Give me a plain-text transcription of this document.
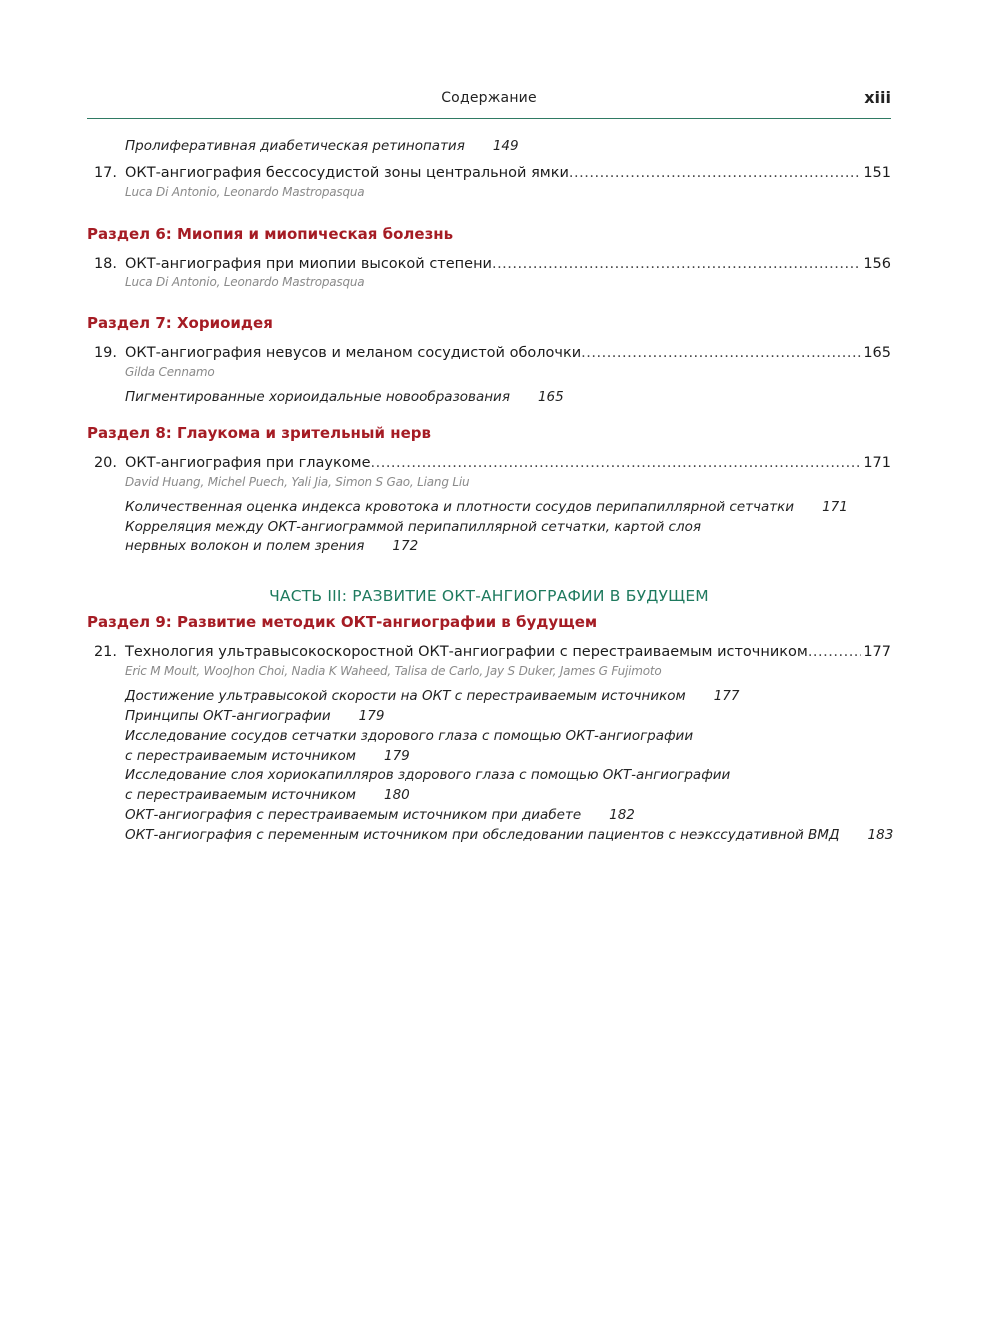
Содержание	xiii
Пролиферативная диабетическая ретинопатия 149
17. ОКТ-ангиография бессосудистой зоны центральной ямки .....	151
Luca Di Antonio, Leonardo Mastropasqua
Раздел 6: Миопия и миопическая болезнь
18. ОКТ-ангиография при миопии высокой степени .....	156
Luca Di Antonio, Leonardo Mastropasqua
Раздел 7: Хориоидея
19. ОКТ-ангиография невусов и меланом сосудистой оболочки .....	165
Gilda Cennamo
Пигментированные хориоидальные новообразования 165
Раздел 8: Глаукома и зрительный нерв
20. ОКТ-ангиография при глаукоме .....	171
David Huang, Michel Puech, Yali Jia, Simon S Gao, Liang Liu
Количественная оценка индекса кровотока и плотности сосудов перипапиллярной сетчатки 171
Корреляция между ОКТ-ангиограммой перипапиллярной сетчатки, картой слоя
нервных волокон и полем зрения 172
ЧАСТЬ III: РАЗВИТИЕ ОКТ-АНГИОГРАФИИ В БУДУЩЕМ
Раздел 9: Развитие методик ОКТ-ангиографии в будущем
21. Технология ультравысокоскоростной ОКТ-ангиографии с перестраиваемым источником .....	177
Eric M Moult, WooJhon Choi, Nadia K Waheed, Talisa de Carlo, Jay S Duker, James G Fujimoto
Достижение ультравысокой скорости на ОКТ с перестраиваемым источником 177
Принципы ОКТ-ангиографии 179
Исследование сосудов сетчатки здорового глаза с помощью ОКТ-ангиографии
с перестраиваемым источником 179
Исследование слоя хориокапилляров здорового глаза с помощью ОКТ-ангиографии
с перестраиваемым источником 180
ОКТ-ангиография с перестраиваемым источником при диабете 182
ОКТ-ангиография с переменным источником при обследовании пациентов с неэкссудативной ВМД 183
